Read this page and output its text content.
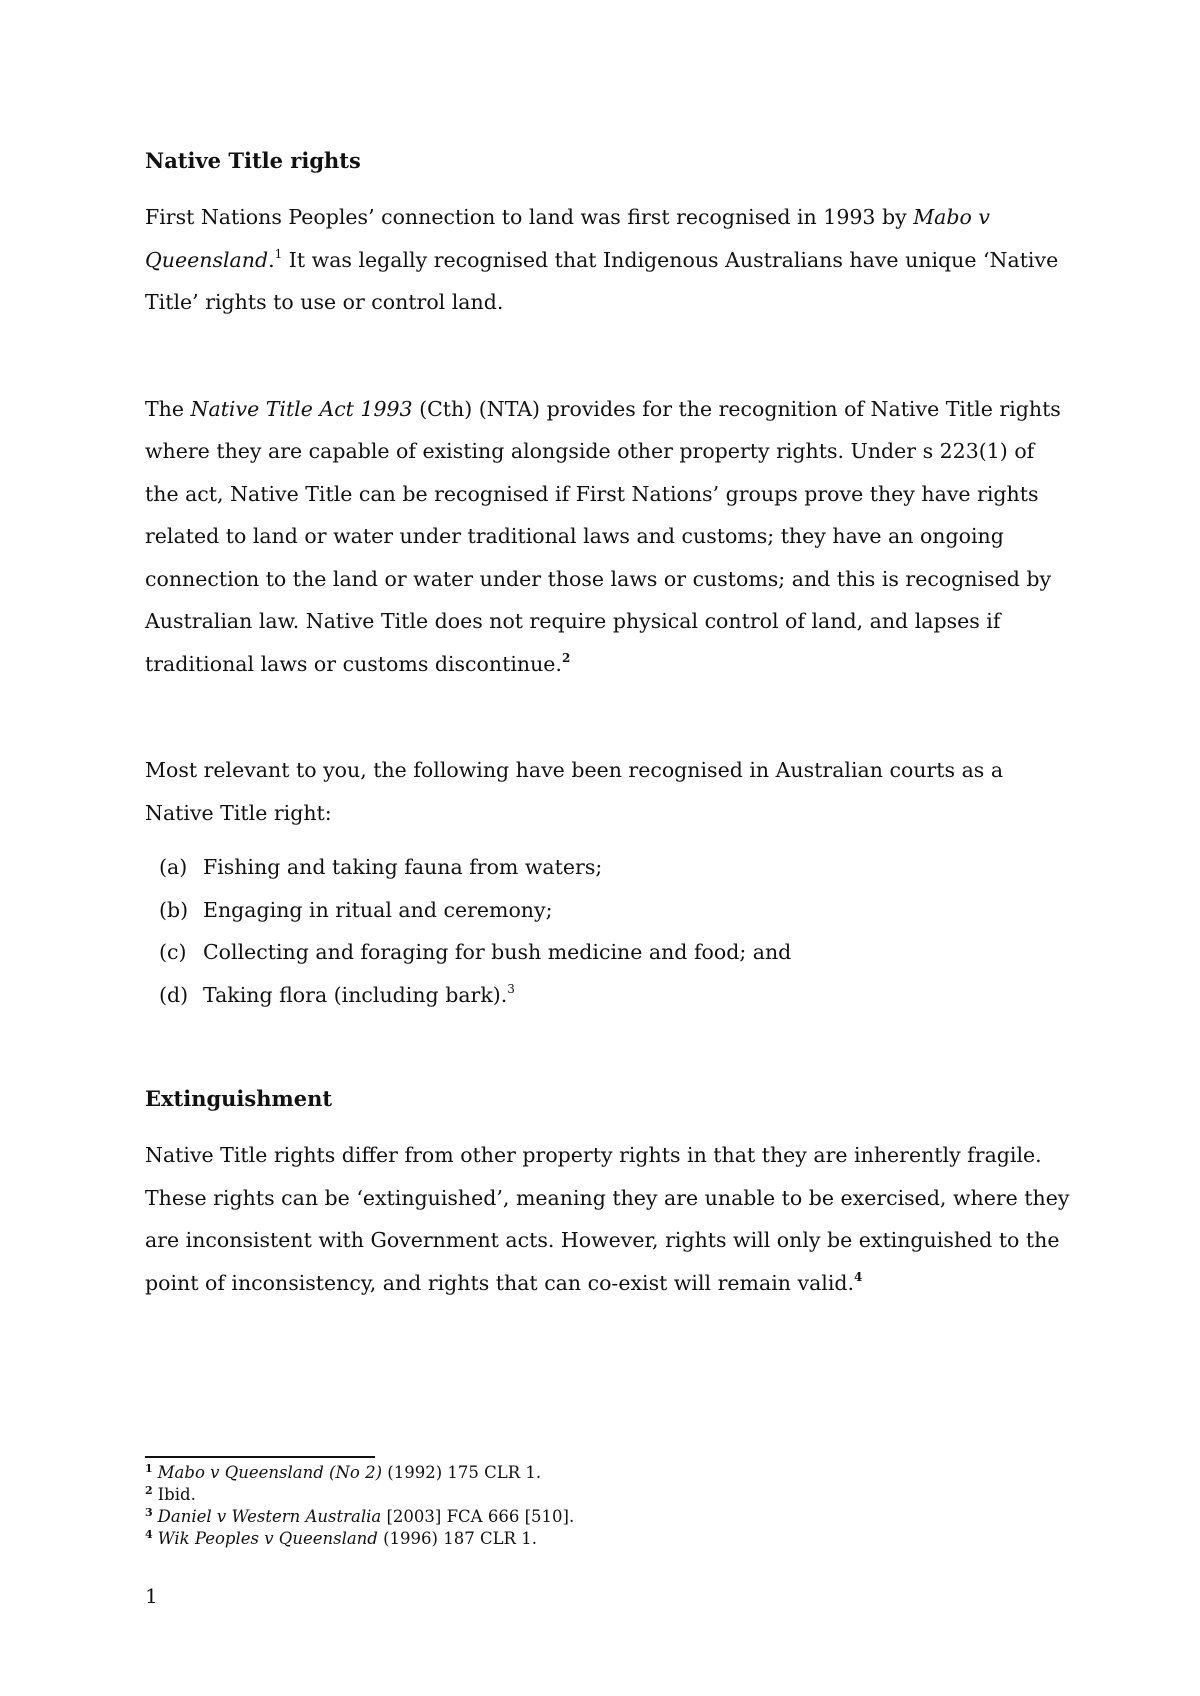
Native Title rights

First Nations Peoples’ connection to land was first recognised in 1993 by Mabo v Queensland.$^1$ It was legally recognised that Indigenous Australians have unique ‘Native Title’ rights to use or control land.

The Native Title Act 1993 (Cth) (NTA) provides for the recognition of Native Title rights where they are capable of existing alongside other property rights. Under s 223(1) of the act, Native Title can be recognised if First Nations’ groups prove they have rights related to land or water under traditional laws and customs; they have an ongoing connection to the land or water under those laws or customs; and this is recognised by Australian law. Native Title does not require physical control of land, and lapses if traditional laws or customs discontinue.$^2$

Most relevant to you, the following have been recognised in Australian courts as a Native Title right:

(a) Fishing and taking fauna from waters;
(b) Engaging in ritual and ceremony;
(c) Collecting and foraging for bush medicine and food; and
(d) Taking flora (including bark).$^3$
Extinguishment

Native Title rights differ from other property rights in that they are inherently fragile. These rights can be ‘extinguished’, meaning they are unable to be exercised, where they are inconsistent with Government acts. However, rights will only be extinguished to the point of inconsistency, and rights that can co-exist will remain valid.$^4$

$^1$ Mabo v Queensland (No 2) (1992) 175 CLR 1.
$^2$ Ibid.
$^3$ Daniel v Western Australia [2003] FCA 666 [510].
$^4$ Wik Peoples v Queensland (1996) 187 CLR 1.
1
